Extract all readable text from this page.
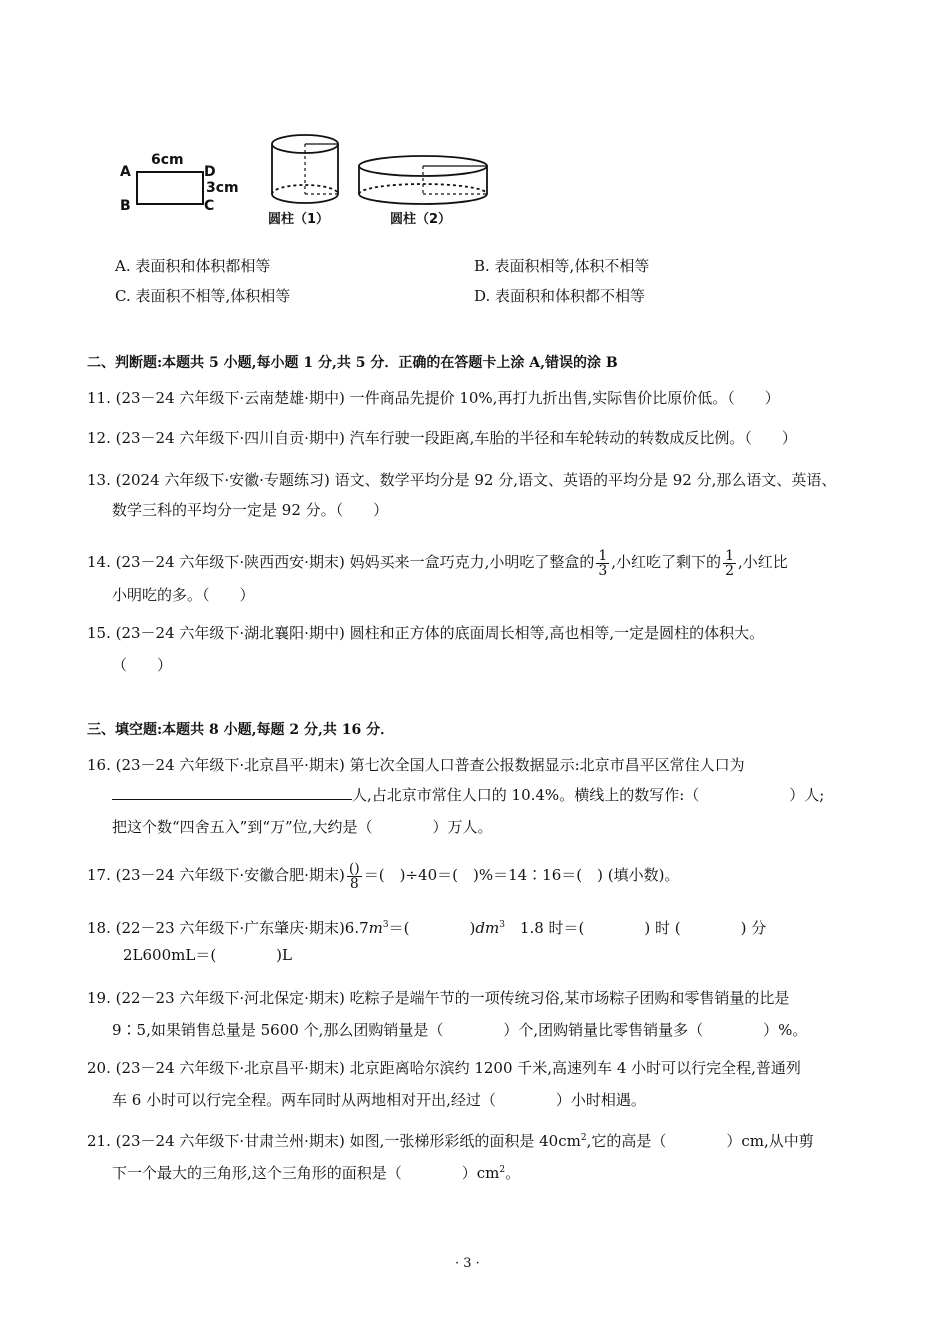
6cm
A
B
D
3cm
C
圆柱（1）	圆柱（2）
A. 表面积和体积都相等	B. 表面积相等,体积不相等
C. 表面积不相等,体积相等	D. 表面积和体积都不相等
二、判断题:本题共 5 小题,每小题 1 分,共 5 分．正确的在答题卡上涂 A,错误的涂 B
11. (23－24 六年级下·云南楚雄·期中) 一件商品先提价 10%,再打九折出售,实际售价比原价低。（　　）
12. (23－24 六年级下·四川自贡·期中) 汽车行驶一段距离,车胎的半径和车轮转动的转数成反比例。（　　）
13. (2024 六年级下·安徽·专题练习) 语文、数学平均分是 92 分,语文、英语的平均分是 92 分,那么语文、英语、
数学三科的平均分一定是 92 分。（　　）
14. (23－24 六年级下·陕西西安·期末) 妈妈买来一盒巧克力,小明吃了整盒的 $\frac{1}{3}$ ,小红吃了剩下的 $\frac{1}{2}$ ,小红比
小明吃的多。（　　）
15. (23－24 六年级下·湖北襄阳·期中) 圆柱和正方体的底面周长相等,高也相等,一定是圆柱的体积大。
（　　）
三、填空题:本题共 8 小题,每题 2 分,共 16 分．
16. (23－24 六年级下·北京昌平·期末) 第七次全国人口普查公报数据显示:北京市昌平区常住人口为
人,占北京市常住人口的 10.4%。横线上的数写作:（　　　　　　）人;
把这个数“四舍五入”到“万”位,大约是（　　　　）万人。
17. (23－24 六年级下·安徽合肥·期末) $\frac{()}{8}$ ＝(　)÷40＝(　)%＝14∶16＝(　) (填小数)。
18. (22－23 六年级下·广东肇庆·期末)$6.7m^3=$(　　　　)$dm^3$　1.8 时＝(　　　　) 时 (　　　　) 分
2L600mL＝(　　　　)L
19. (22－23 六年级下·河北保定·期末) 吃粽子是端午节的一项传统习俗,某市场粽子团购和零售销量的比是
9∶5,如果销售总量是 5600 个,那么团购销量是（　　　　）个,团购销量比零售销量多（　　　　）%。
20. (23－24 六年级下·北京昌平·期末) 北京距离哈尔滨约 1200 千米,高速列车 4 小时可以行完全程,普通列
车 6 小时可以行完全程。两车同时从两地相对开出,经过（　　　　）小时相遇。
21. (23－24 六年级下·甘肃兰州·期末) 如图,一张梯形彩纸的面积是 $40cm^2$,它的高是（　　　　）cm,从中剪
下一个最大的三角形,这个三角形的面积是（　　　　）$cm^2$。
· 3 ·
